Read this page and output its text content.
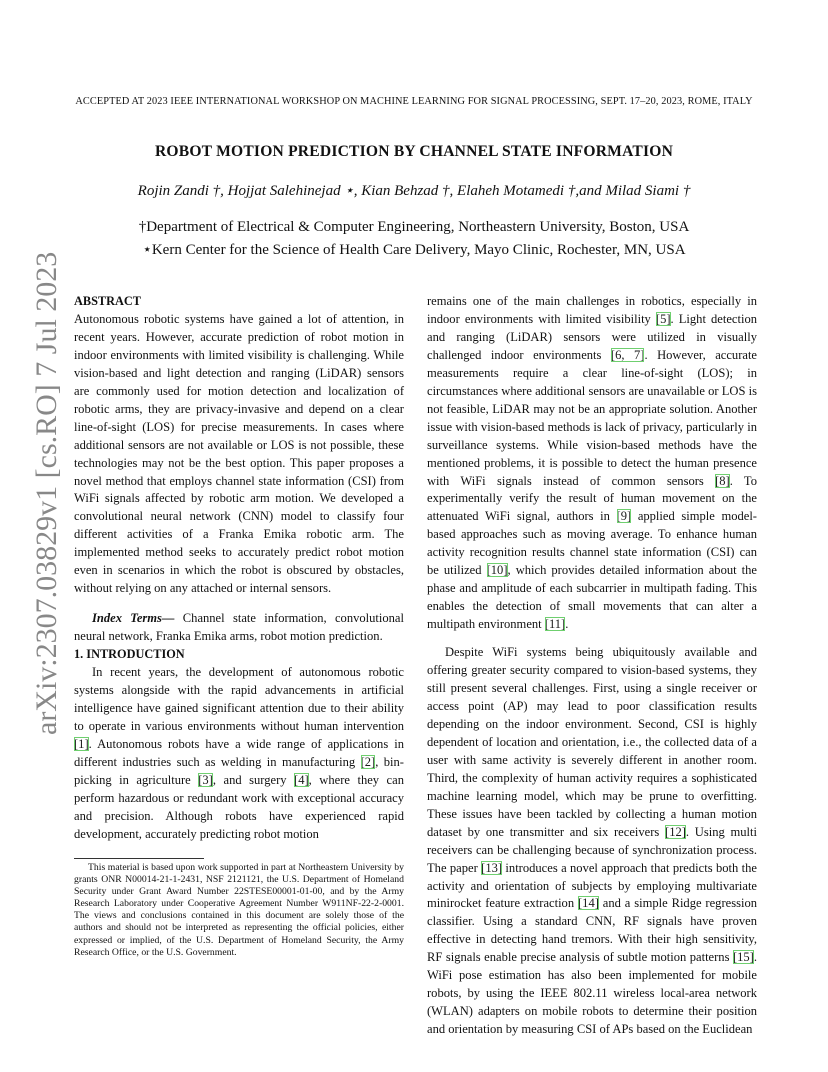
ACCEPTED AT 2023 IEEE INTERNATIONAL WORKSHOP ON MACHINE LEARNING FOR SIGNAL PROCESSING, SEPT. 17–20, 2023, ROME, ITALY
ROBOT MOTION PREDICTION BY CHANNEL STATE INFORMATION
Rojin Zandi †, Hojjat Salehinejad ⋆, Kian Behzad †, Elaheh Motamedi †,and Milad Siami †
†Department of Electrical & Computer Engineering, Northeastern University, Boston, USA
⋆Kern Center for the Science of Health Care Delivery, Mayo Clinic, Rochester, MN, USA
arXiv:2307.03829v1 [cs.RO] 7 Jul 2023 ABSTRACT

Autonomous robotic systems have gained a lot of attention, in recent years. However, accurate prediction of robot motion in indoor environments with limited visibility is challenging. While vision-based and light detection and ranging (LiDAR) sensors are commonly used for motion detection and localization of robotic arms, they are privacy-invasive and depend on a clear line-of-sight (LOS) for precise measurements. In cases where additional sensors are not available or LOS is not possible, these technologies may not be the best option. This paper proposes a novel method that employs channel state information (CSI) from WiFi signals affected by robotic arm motion. We developed a convolutional neural network (CNN) model to classify four different activities of a Franka Emika robotic arm. The implemented method seeks to accurately predict robot motion even in scenarios in which the robot is obscured by obstacles, without relying on any attached or internal sensors.

Index Terms— Channel state information, convolutional neural network, Franka Emika arms, robot motion prediction.

1. INTRODUCTION

In recent years, the development of autonomous robotic systems alongside with the rapid advancements in artificial intelligence have gained significant attention due to their ability to operate in various environments without human intervention [1]. Autonomous robots have a wide range of applications in different industries such as welding in manufacturing [2], bin-picking in agriculture [3], and surgery [4], where they can perform hazardous or redundant work with exceptional accuracy and precision. Although robots have experienced rapid development, accurately predicting robot motion

This material is based upon work supported in part at Northeastern University by grants ONR N00014-21-1-2431, NSF 2121121, the U.S. Department of Homeland Security under Grant Award Number 22STESE00001-01-00, and by the Army Research Laboratory under Cooperative Agreement Number W911NF-22-2-0001. The views and conclusions contained in this document are solely those of the authors and should not be interpreted as representing the official policies, either expressed or implied, of the U.S. Department of Homeland Security, the Army Research Office, or the U.S. Government.

remains one of the main challenges in robotics, especially in indoor environments with limited visibility [5]. Light detection and ranging (LiDAR) sensors were utilized in visually challenged indoor environments [6, 7]. However, accurate measurements require a clear line-of-sight (LOS); in circumstances where additional sensors are unavailable or LOS is not feasible, LiDAR may not be an appropriate solution. Another issue with vision-based methods is lack of privacy, particularly in surveillance systems. While vision-based methods have the mentioned problems, it is possible to detect the human presence with WiFi signals instead of common sensors [8]. To experimentally verify the result of human movement on the attenuated WiFi signal, authors in [9] applied simple model-based approaches such as moving average. To enhance human activity recognition results channel state information (CSI) can be utilized [10], which provides detailed information about the phase and amplitude of each subcarrier in multipath fading. This enables the detection of small movements that can alter a multipath environment [11].

Despite WiFi systems being ubiquitously available and offering greater security compared to vision-based systems, they still present several challenges. First, using a single receiver or access point (AP) may lead to poor classification results depending on the indoor environment. Second, CSI is highly dependent of location and orientation, i.e., the collected data of a user with same activity is severely different in another room. Third, the complexity of human activity requires a sophisticated machine learning model, which may be prune to overfitting. These issues have been tackled by collecting a human motion dataset by one transmitter and six receivers [12]. Using multi receivers can be challenging because of synchronization process. The paper [13] introduces a novel approach that predicts both the activity and orientation of subjects by employing multivariate minirocket feature extraction [14] and a simple Ridge regression classifier. Using a standard CNN, RF signals have proven effective in detecting hand tremors. With their high sensitivity, RF signals enable precise analysis of subtle motion patterns [15]. WiFi pose estimation has also been implemented for mobile robots, by using the IEEE 802.11 wireless local-area network (WLAN) adapters on mobile robots to determine their position and orientation by measuring CSI of APs based on the Euclidean
